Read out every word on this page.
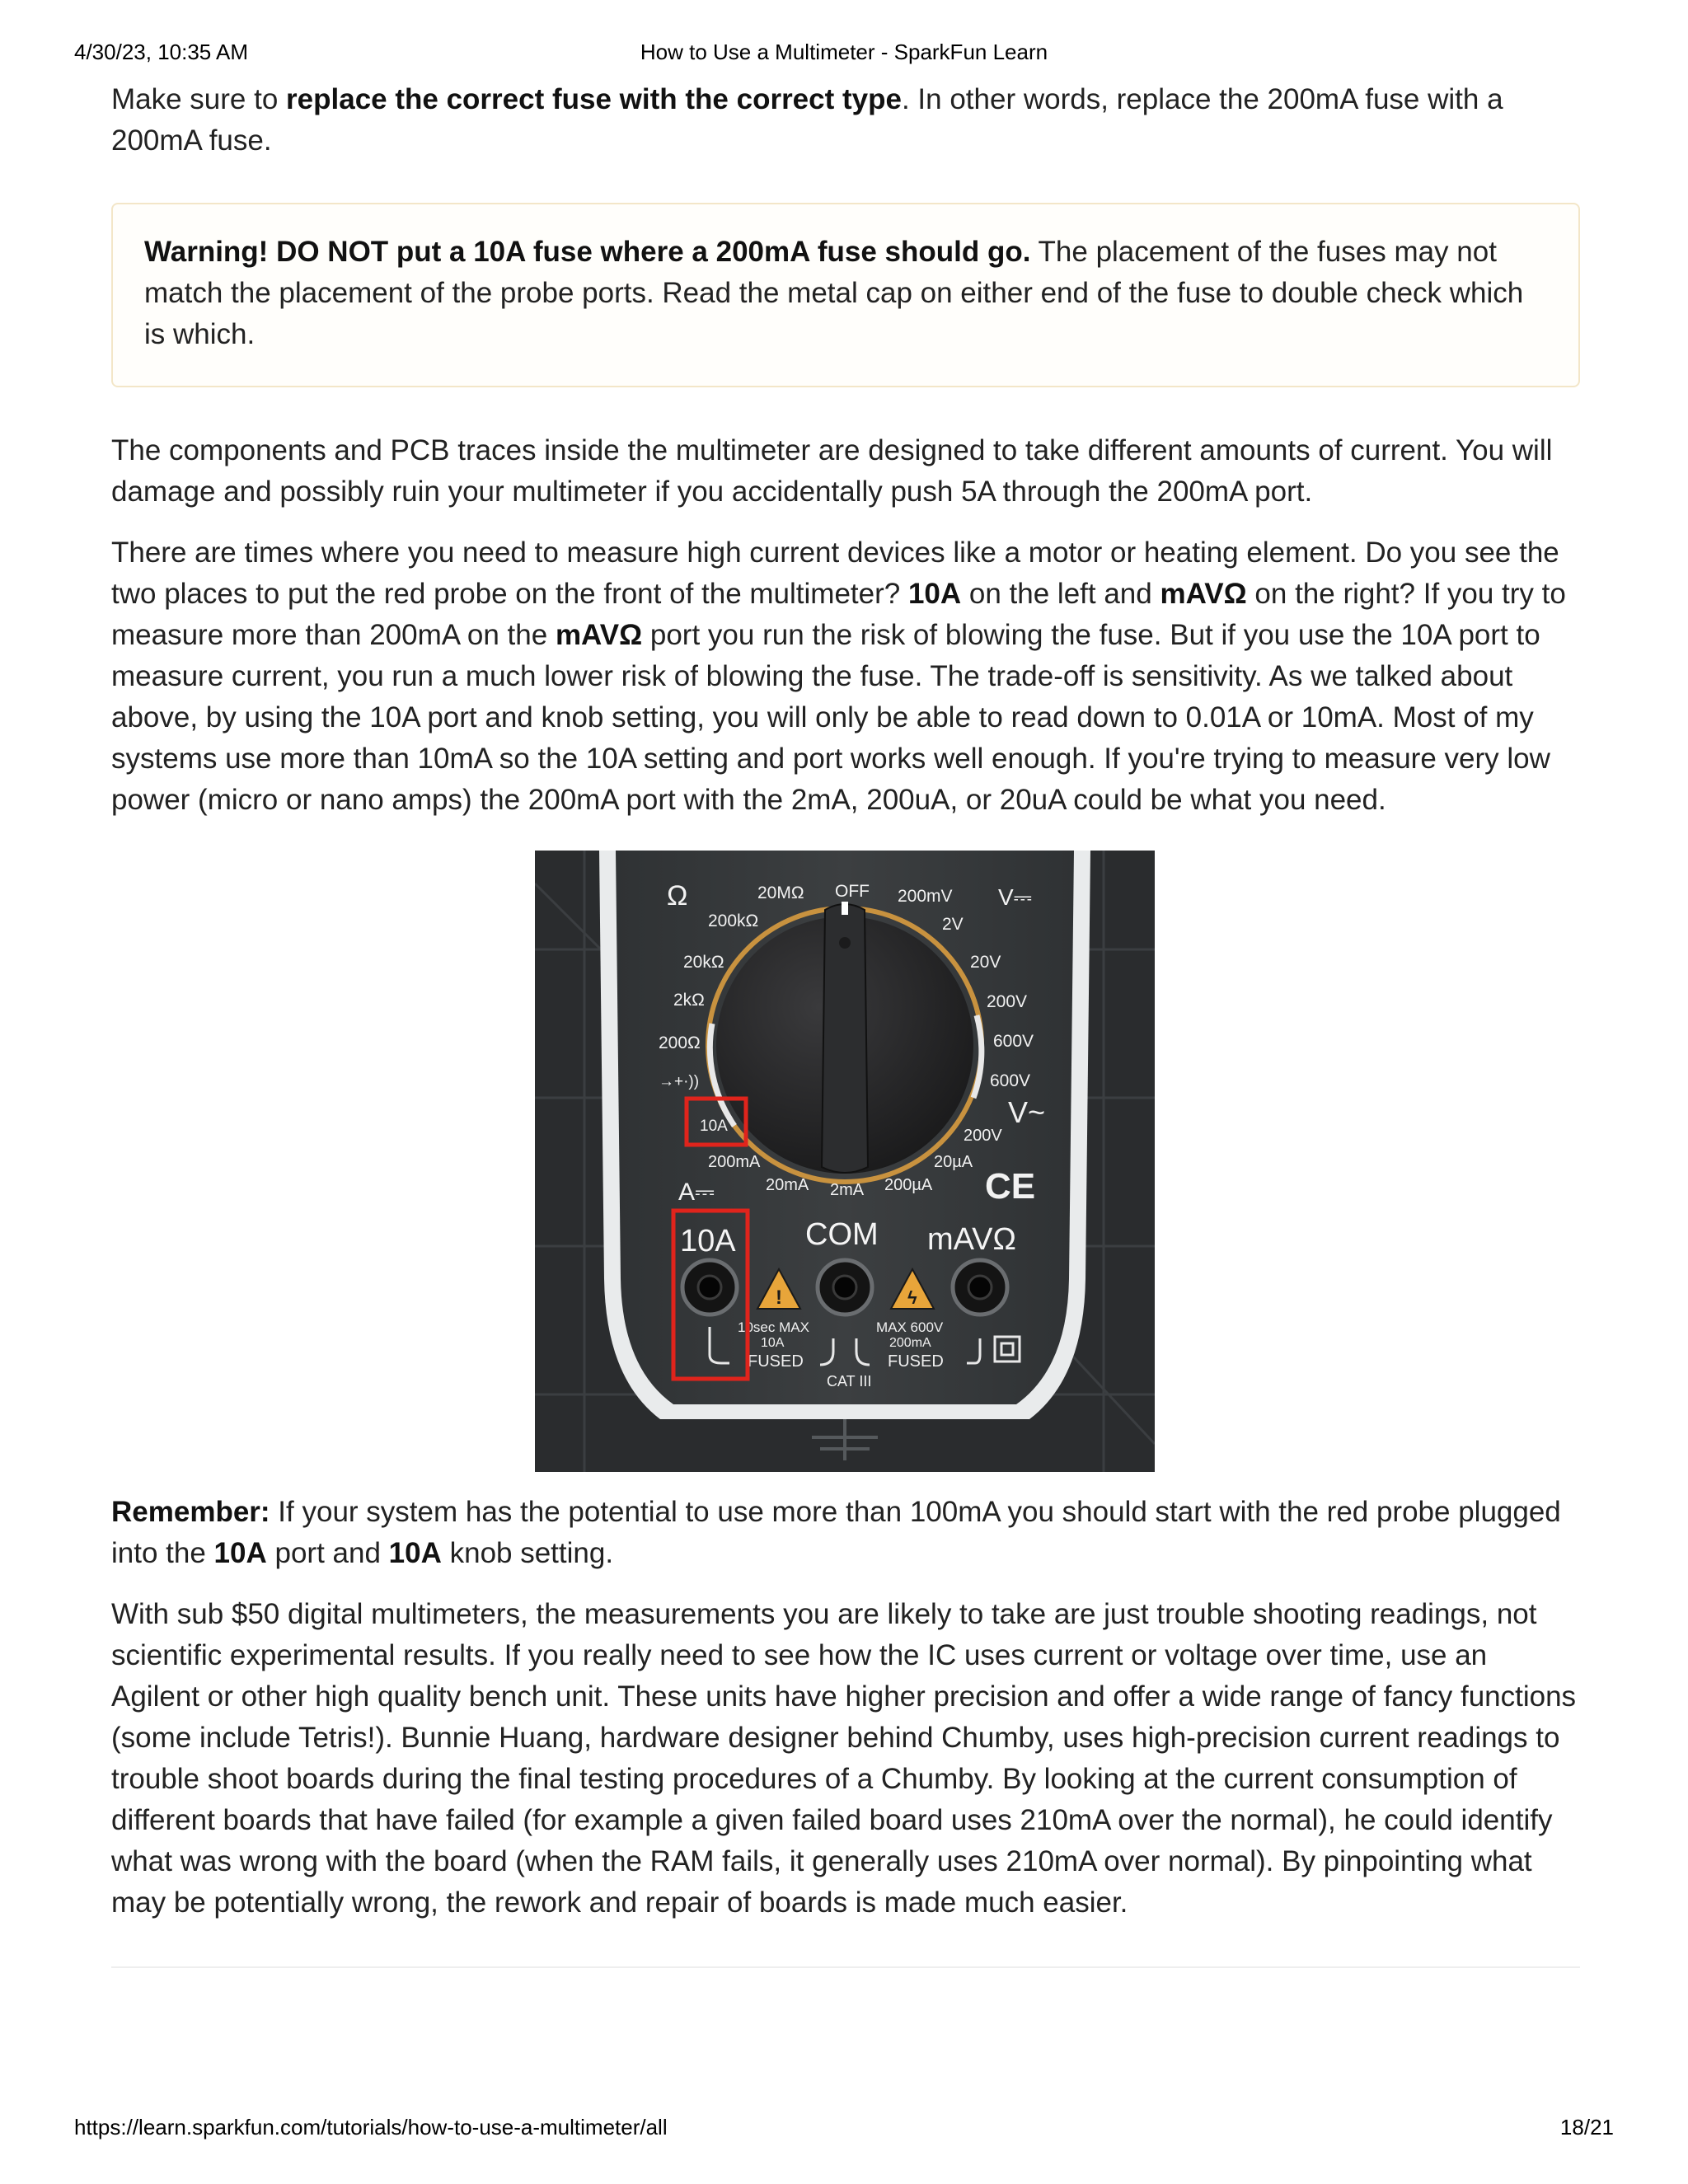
4/30/23, 10:35 AM	How to Use a Multimeter - SparkFun Learn

Make sure to replace the correct fuse with the correct type. In other words, replace the 200mA fuse with a 200mA fuse.

Warning! DO NOT put a 10A fuse where a 200mA fuse should go. The placement of the fuses may not match the placement of the probe ports. Read the metal cap on either end of the fuse to double check which is which.

The components and PCB traces inside the multimeter are designed to take different amounts of current. You will damage and possibly ruin your multimeter if you accidentally push 5A through the 200mA port.

There are times where you need to measure high current devices like a motor or heating element. Do you see the two places to put the red probe on the front of the multimeter? 10A on the left and mAVΩ on the right? If you try to measure more than 200mA on the mAVΩ port you run the risk of blowing the fuse. But if you use the 10A port to measure current, you run a much lower risk of blowing the fuse. The trade-off is sensitivity. As we talked about above, by using the 10A port and knob setting, you will only be able to read down to 0.01A or 10mA. Most of my systems use more than 10mA so the 10A setting and port works well enough. If you're trying to measure very low power (micro or nano amps) the 200mA port with the 2mA, 200uA, or 20uA could be what you need.

Ω	20MΩ OFF 200mV V⎓
200kΩ	2V
20kΩ	20V
2kΩ	200V
200Ω	600V
→+·))	600V
10A	V~
200V
200mA	20µA
A⎓	20mA 2mA 200µA CE
10A COM mAVΩ
!	ϟ
10sec MAX
10A
FUSED
CAT III
MAX 600V
200mA
FUSED

Remember: If your system has the potential to use more than 100mA you should start with the red probe plugged into the 10A port and 10A knob setting.

With sub $50 digital multimeters, the measurements you are likely to take are just trouble shooting readings, not scientific experimental results. If you really need to see how the IC uses current or voltage over time, use an Agilent or other high quality bench unit. These units have higher precision and offer a wide range of fancy functions (some include Tetris!). Bunnie Huang, hardware designer behind Chumby, uses high-precision current readings to trouble shoot boards during the final testing procedures of a Chumby. By looking at the current consumption of different boards that have failed (for example a given failed board uses 210mA over the normal), he could identify what was wrong with the board (when the RAM fails, it generally uses 210mA over normal). By pinpointing what may be potentially wrong, the rework and repair of boards is made much easier.

https://learn.sparkfun.com/tutorials/how-to-use-a-multimeter/all	18/21
